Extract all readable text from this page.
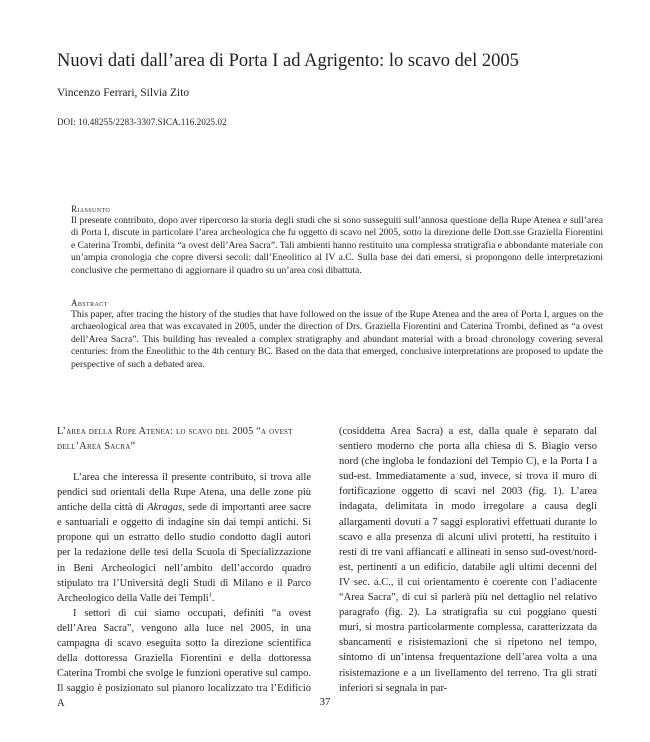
Nuovi dati dall’area di Porta I ad Agrigento: lo scavo del 2005
Vincenzo Ferrari, Silvia Zito
DOI: 10.48255/2283-3307.SICA.116.2025.02
Riassunto
Il presente contributo, dopo aver ripercorso la storia degli studi che si sono susseguiti sull’annosa questione della Rupe Atenea e sull’area di Porta I, discute in particolare l’area archeologica che fu oggetto di scavo nel 2005, sotto la direzione delle Dott.sse Graziella Fiorentini e Caterina Trombi, definita “a ovest dell’Area Sacra”. Tali ambienti hanno restituito una complessa stratigrafia e abbondante materiale con un’ampia cronologia che copre diversi secoli: dall’Eneolitico al IV a.C. Sulla base dei dati emersi, si propongono delle interpretazioni conclusive che permettano di aggiornare il quadro su un’area così dibattuta.
Abstract
This paper, after tracing the history of the studies that have followed on the issue of the Rupe Atenea and the area of Porta I, argues on the archaeological area that was excavated in 2005, under the direction of Drs. Graziella Fiorentini and Caterina Trombi, defined as “a ovest dell’Area Sacra”. This building has revealed a complex stratigraphy and abundant material with a broad chronology covering several centuries: from the Eneolithic to the 4th century BC. Based on the data that emerged, conclusive interpretations are proposed to update the perspective of such a debated area.

L’area della Rupe Atenea: lo scavo del 2005 “a ovest dell’Area Sacra”

L’area che interessa il presente contributo, si trova alle pendici sud orientali della Rupe Atena, una delle zone più antiche della città di Akragas, sede di importanti aree sacre e santuariali e oggetto di indagine sin dai tempi antichi. Si propone qui un estratto dello studio condotto dagli autori per la redazione delle tesi della Scuola di Specializzazione in Beni Archeologici nell’ambito dell’accordo quadro stipulato tra l’Università degli Studi di Milano e il Parco Archeologico della Valle dei Templi$^1$.

I settori di cui siamo occupati, definiti “a ovest dell’Area Sacra”, vengono alla luce nel 2005, in una campagna di scavo eseguita sotto la direzione scientifica della dottoressa Graziella Fiorentini e della dottoressa Caterina Trombi che svolge le funzioni operative sul campo. Il saggio è posizionato sul pianoro localizzato tra l’Edificio A

(cosiddetta Area Sacra) a est, dalla quale è separato dal sentiero moderno che porta alla chiesa di S. Biagio verso nord (che ingloba le fondazioni del Tempio C), e la Porta I a sud-est. Immediatamente a sud, invece, si trova il muro di fortificazione oggetto di scavi nel 2003 (fig. 1). L’area indagata, delimitata in modo irregolare a causa degli allargamenti dovuti a 7 saggi esplorativi effettuati durante lo scavo e alla presenza di alcuni ulivi protetti, ha restituito i resti di tre vani affiancati e allineati in senso sud-ovest/nord-est, pertinenti a un edificio, databile agli ultimi decenni del IV sec. a.C., il cui orientamento è coerente con l’adiacente “Area Sacra”, di cui si parlerà più nel dettaglio nel relativo paragrafo (fig. 2). La stratigrafia su cui poggiano questi muri, si mostra particolarmente complessa, caratterizzata da sbancamenti e risistemazioni che si ripetono nel tempo, sintomo di un’intensa frequentazione dell’area volta a una risistemazione e a un livellamento del terreno. Tra gli strati inferiori si segnala in par-

37
